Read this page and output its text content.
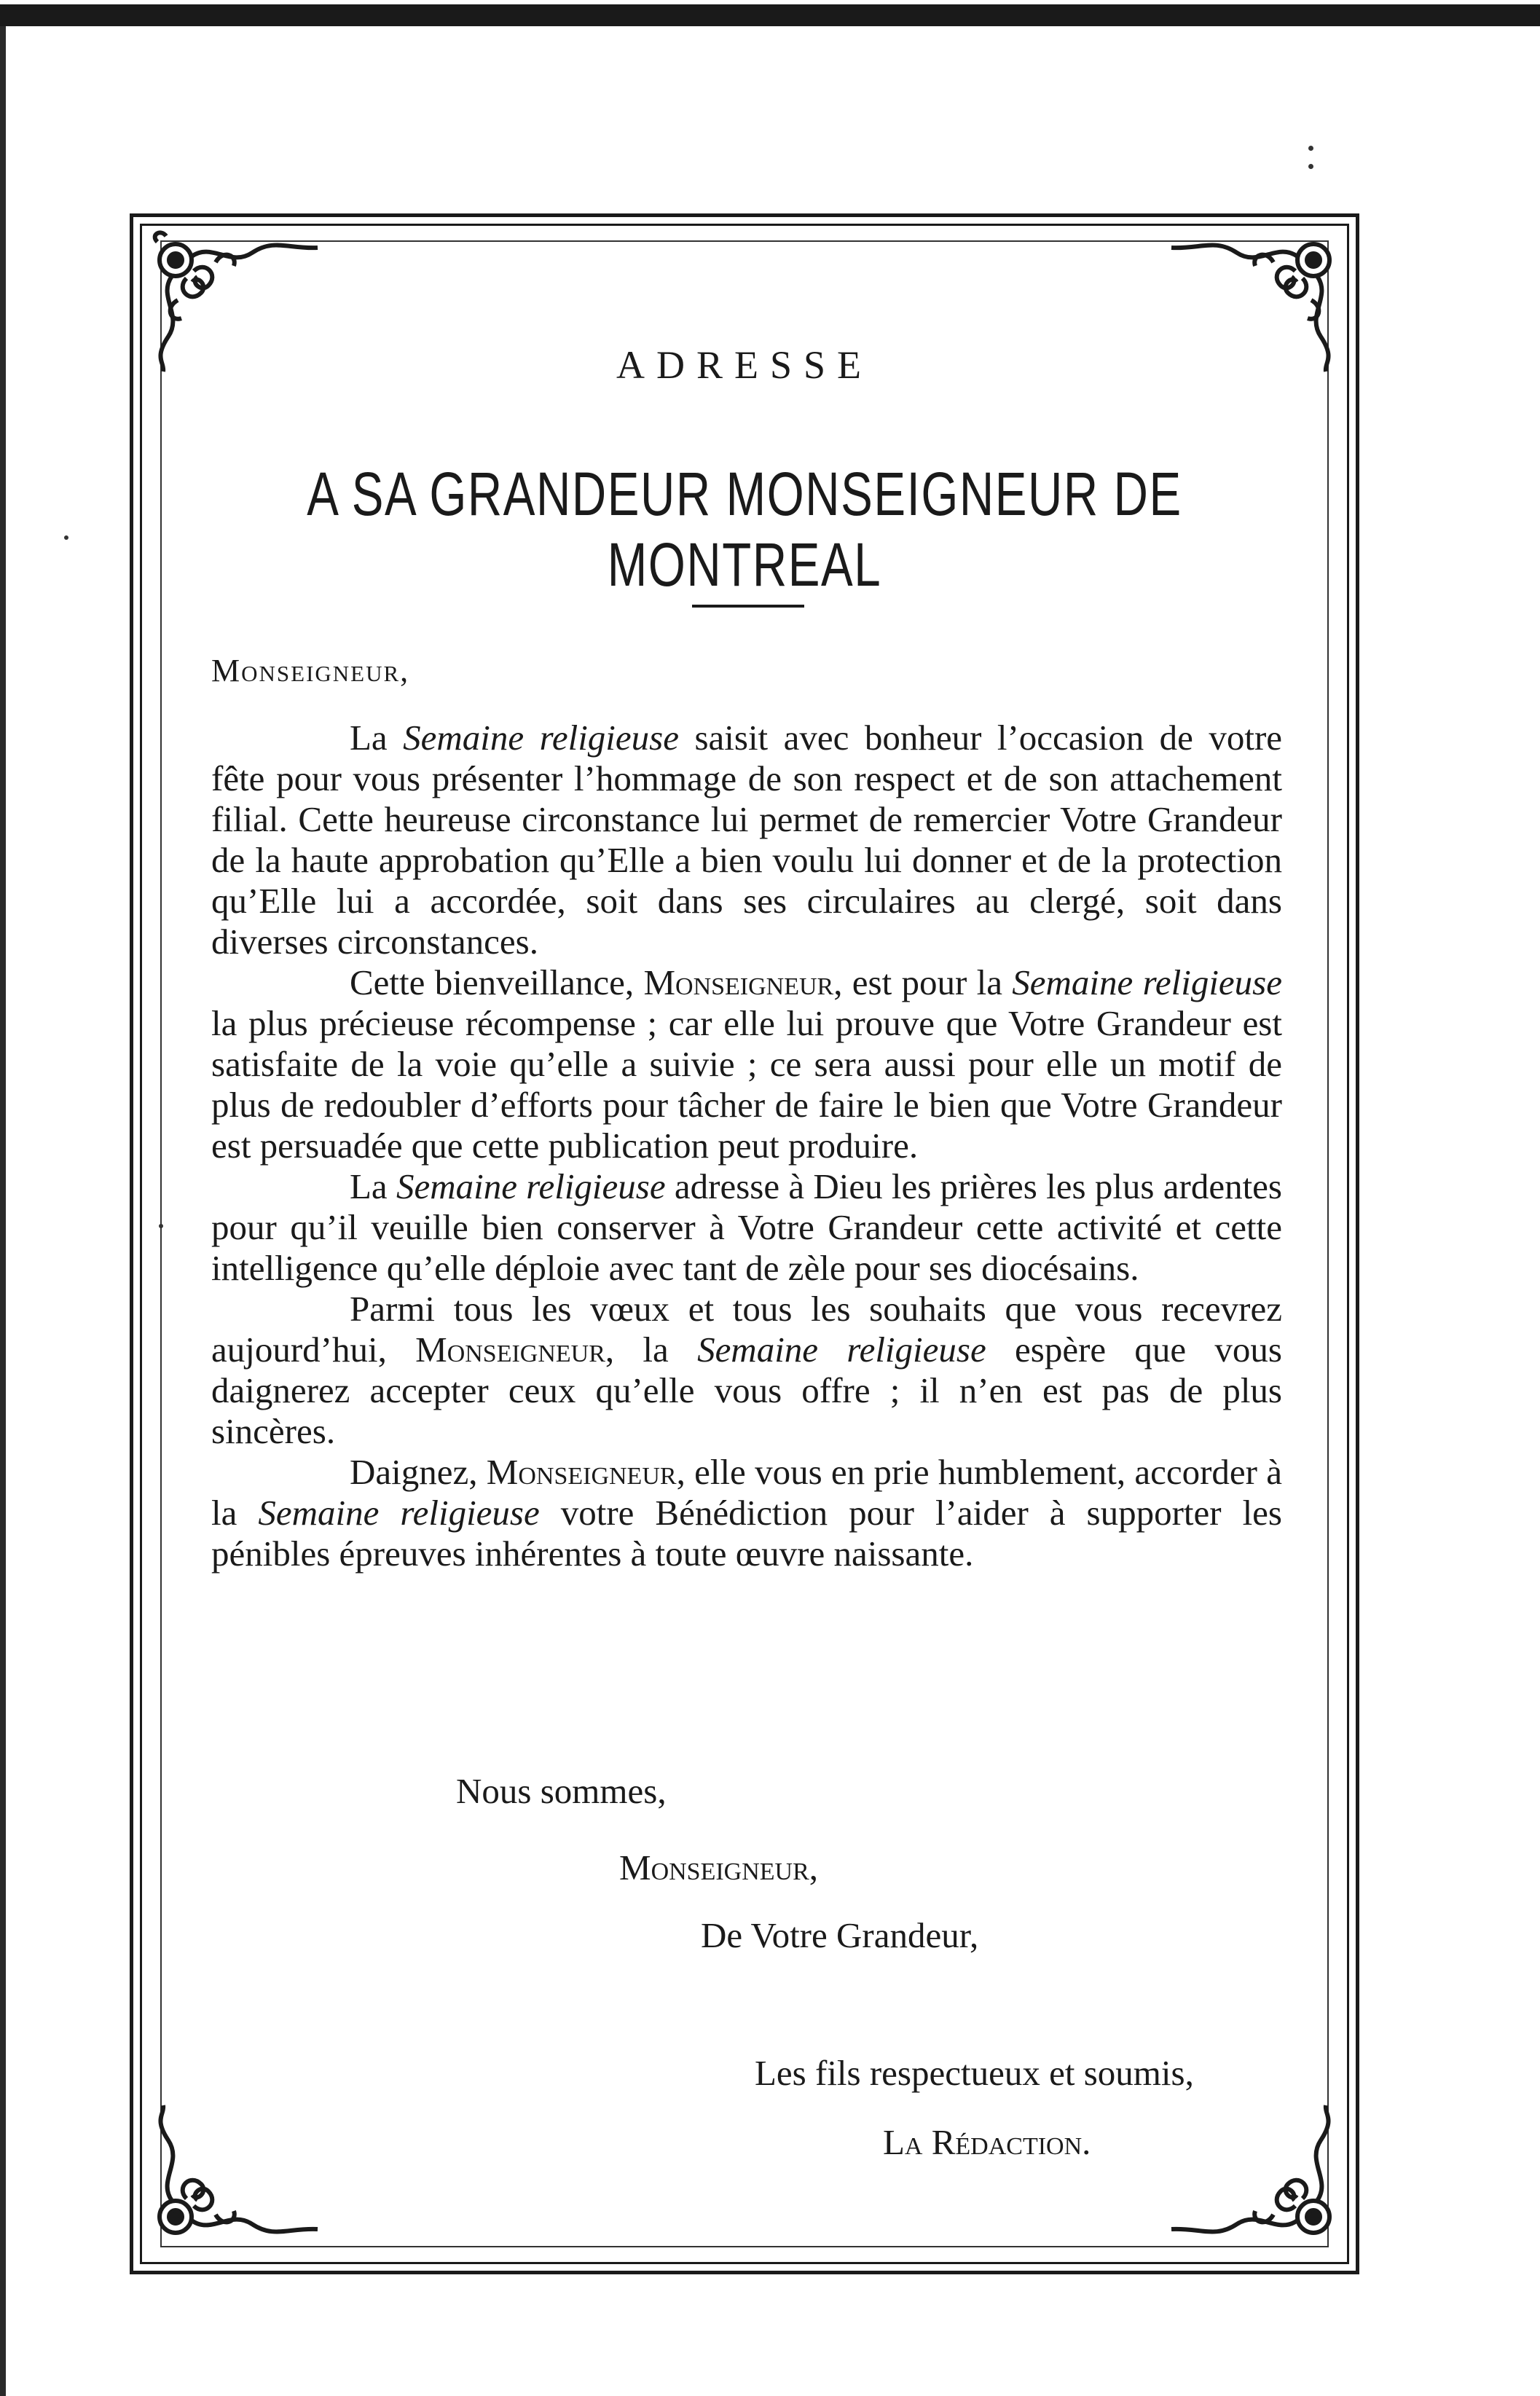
ADRESSE
A SA GRANDEUR MONSEIGNEUR DE MONTREAL
Monseigneur,

La Semaine religieuse saisit avec bonheur l’occasion de votre fête pour vous présenter l’hommage de son respect et de son attachement filial. Cette heureuse circonstance lui permet de remercier Votre Grandeur de la haute approbation qu’Elle a bien voulu lui donner et de la protection qu’Elle lui a accordée, soit dans ses circulaires au clergé, soit dans diverses circonstances.

Cette bienveillance, Monseigneur, est pour la Semaine religieuse la plus précieuse récompense ; car elle lui prouve que Votre Grandeur est satisfaite de la voie qu’elle a suivie ; ce sera aussi pour elle un motif de plus de redoubler d’efforts pour tâcher de faire le bien que Votre Grandeur est persuadée que cette publication peut produire.

La Semaine religieuse adresse à Dieu les prières les plus ardentes pour qu’il veuille bien conserver à Votre Grandeur cette activité et cette intelligence qu’elle déploie avec tant de zèle pour ses diocésains.

Parmi tous les vœux et tous les souhaits que vous recevrez aujourd’hui, Monseigneur, la Semaine religieuse espère que vous daignerez accepter ceux qu’elle vous offre ; il n’en est pas de plus sincères.

Daignez, Monseigneur, elle vous en prie humblement, accorder à la Semaine religieuse votre Bénédiction pour l’aider à supporter les pénibles épreuves inhérentes à toute œuvre naissante.

Nous sommes,
Monseigneur,
De Votre Grandeur,
Les fils respectueux et soumis,
La Rédaction.
